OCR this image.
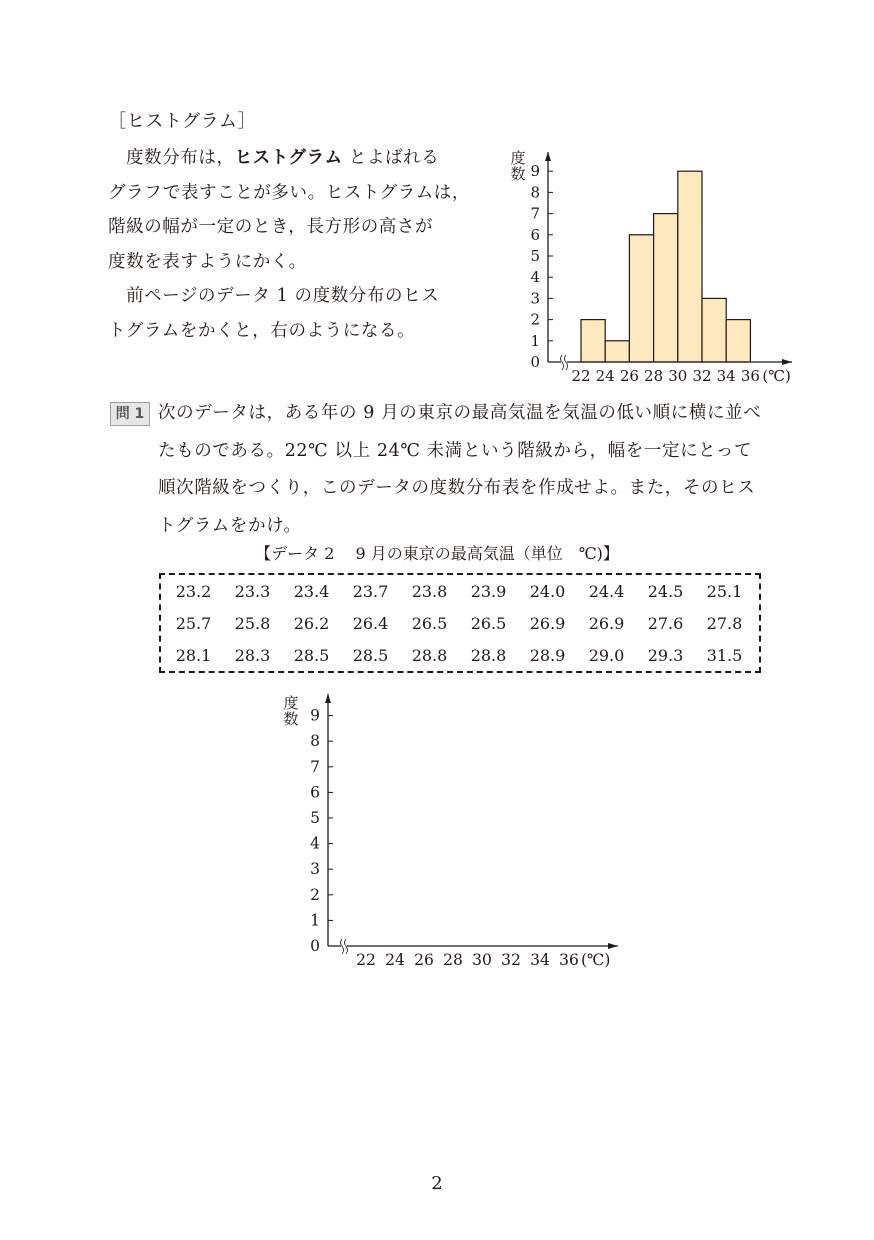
［ヒストグラム］
度数分布は，ヒストグラム とよばれる
グラフで表すことが多い。ヒストグラムは，
階級の幅が一定のとき，長方形の高さが
度数を表すようにかく。
前ページのデータ 1 の度数分布のヒス
トグラムをかくと，右のようになる。
0
1
2
3
4
5
6
7
8
9
22 24 26 28 30 32 34 36 (℃)
度
数
問 1 次のデータは，ある年の 9 月の東京の最高気温を気温の低い順に横に並べ
たものである。22℃ 以上 24℃ 未満という階級から，幅を一定にとって
順次階級をつくり，このデータの度数分布表を作成せよ。また，そのヒス
トグラムをかけ。
【データ 2　 9 月の東京の最高気温（単位　℃)】
23.2	23.3	23.4	23.7	23.8	23.9	24.0	24.4	24.5	25.1
25.7	25.8	26.2	26.4	26.5	26.5	26.9	26.9	27.6	27.8
28.1	28.3	28.5	28.5	28.8	28.8	28.9	29.0	29.3	31.5
0
1
2
3
4
5
6
7
8
9
22 24 26 28 30 32 34 36 (℃)
度
数
2
